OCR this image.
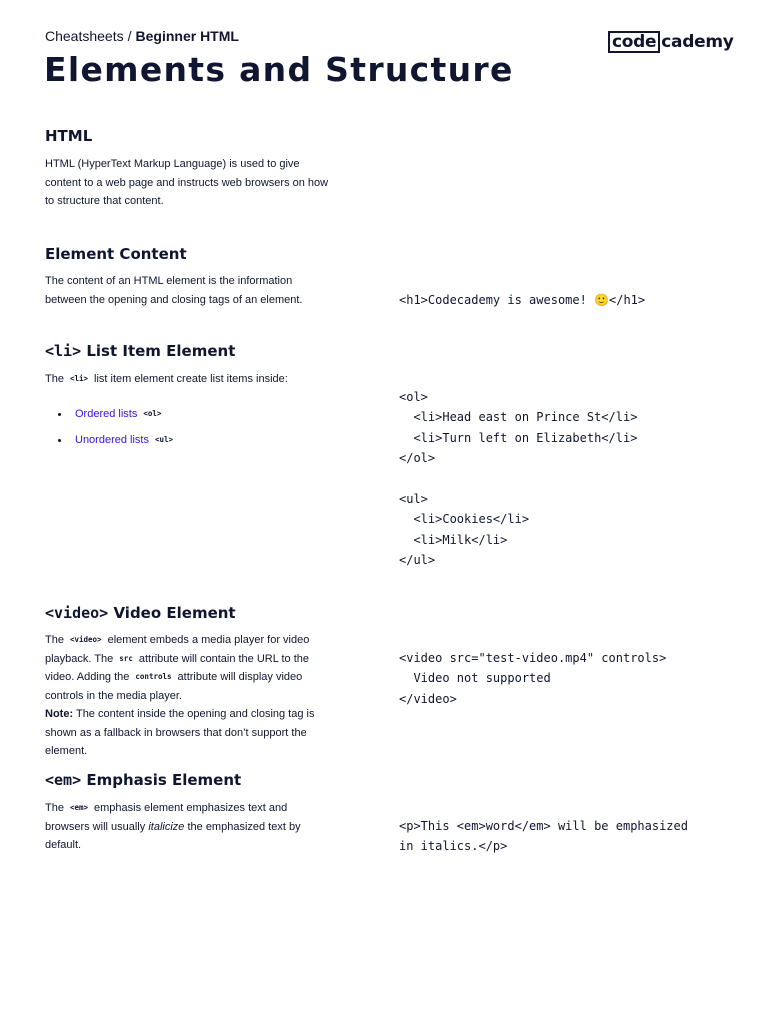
Cheatsheets / Beginner HTML	code cademy
Elements and Structure
HTML

HTML (HyperText Markup Language) is used to give content to a web page and instructs web browsers on how to structure that content.

Element Content

The content of an HTML element is the information between the opening and closing tags of an element.	<h1>Codecademy is awesome! 🙂</h1>
<li> List Item Element

The <li> list item element create list items inside:

Ordered lists <ol>
Unordered lists <ul>
<ol>
<li>Head east on Prince St</li>
<li>Turn left on Elizabeth</li>
</ol>

<ul>
<li>Cookies</li>
<li>Milk</li>
</ul>
<video> Video Element

The <video> element embeds a media player for video playback. The src attribute will contain the URL to the video. Adding the controls attribute will display video controls in the media player.
Note: The content inside the opening and closing tag is shown as a fallback in browsers that don’t support the element.

<video src="test-video.mp4" controls>
Video not supported
</video>
<em> Emphasis Element

The <em> emphasis element emphasizes text and browsers will usually italicize the emphasized text by default.

<p>This <em>word</em> will be emphasized
in italics.</p>
